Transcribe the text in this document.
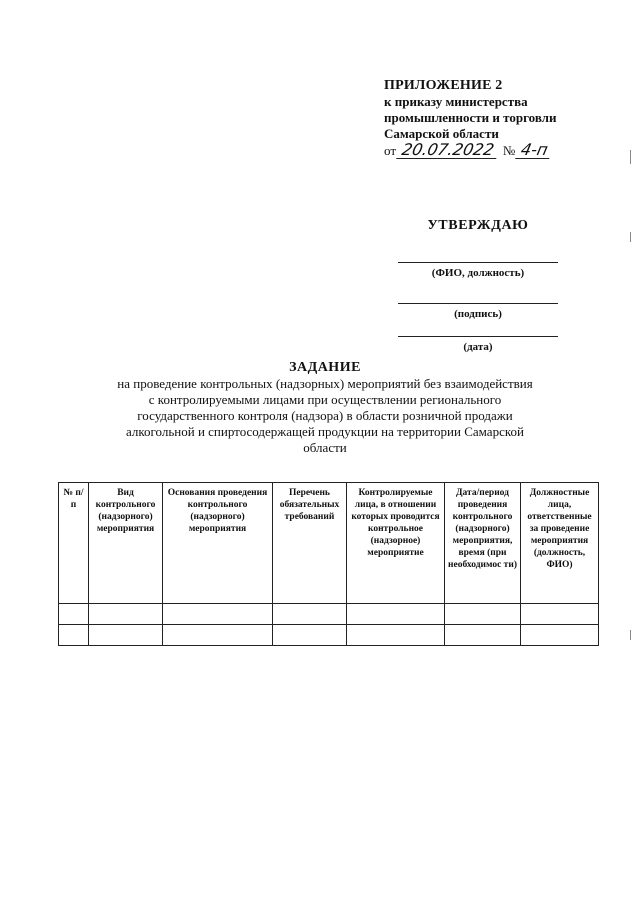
ПРИЛОЖЕНИЕ 2
к приказу министерства
промышленности и торговли
Самарской области
от 20.07.2022 № 4-п
УТВЕРЖДАЮ
(ФИО, должность)
(подпись)
(дата)
ЗАДАНИЕ
на проведение контрольных (надзорных) мероприятий без взаимодействия
с контролируемыми лицами при осуществлении регионального
государственного контроля (надзора) в области розничной продажи
алкогольной и спиртосодержащей продукции на территории Самарской
области
№ п/п	Вид контрольного (надзорного) мероприятия	Основания проведения контрольного (надзорного) мероприятия	Перечень обязательных требований	Контролируемые лица, в отношении которых проводится контрольное (надзорное) мероприятие	Дата/период проведения контрольного (надзорного) мероприятия, время (при необходимос ти)	Должностные лица, ответственные за проведение мероприятия (должность, ФИО)
